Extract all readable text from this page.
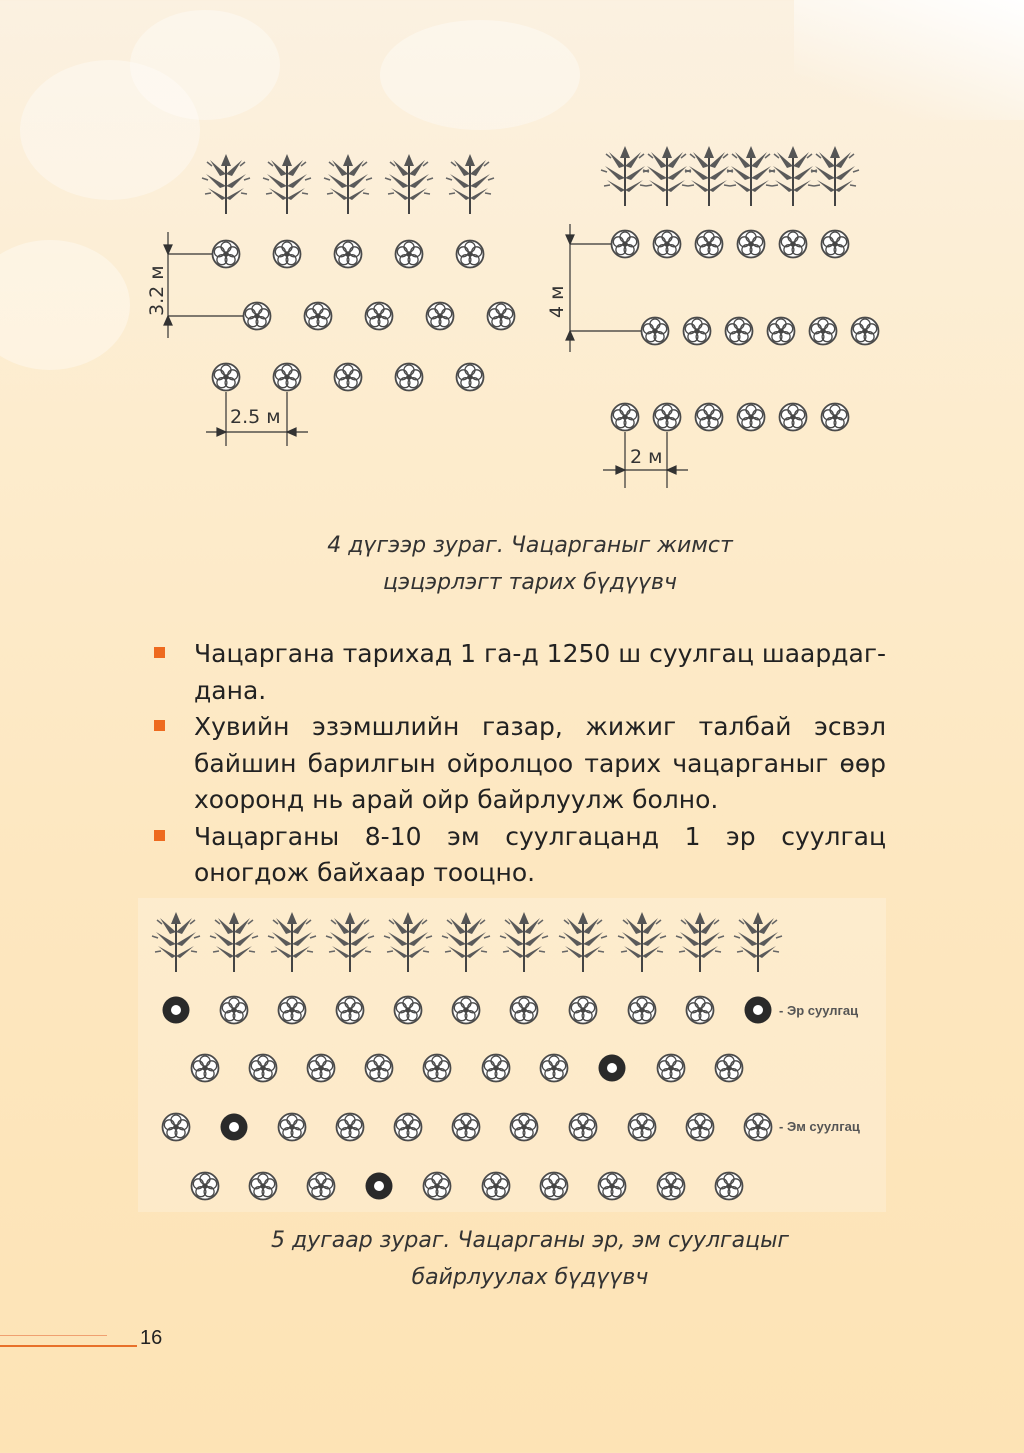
3.2 м
2.5 м
4 м
2 м
- Эр суулгац
- Эм суулгац

4 дүгээр зураг. Чацарганыг жимст
цэцэрлэгт тарих бүдүүвч

Чацаргана тарихад 1 га-д 1250 ш суулгац шаардаг-дана.
Хувийн эзэмшлийн газар, жижиг талбай эсвэл байшин барилгын ойролцоо тарих чацарганыг өөр хооронд нь арай ойр байрлуулж болно.
Чацарганы 8-10 эм суулгацанд 1 эр суулгац оногдож байхаар тооцно.

5 дугаар зураг. Чацарганы эр, эм суулгацыг
байрлуулах бүдүүвч

16
